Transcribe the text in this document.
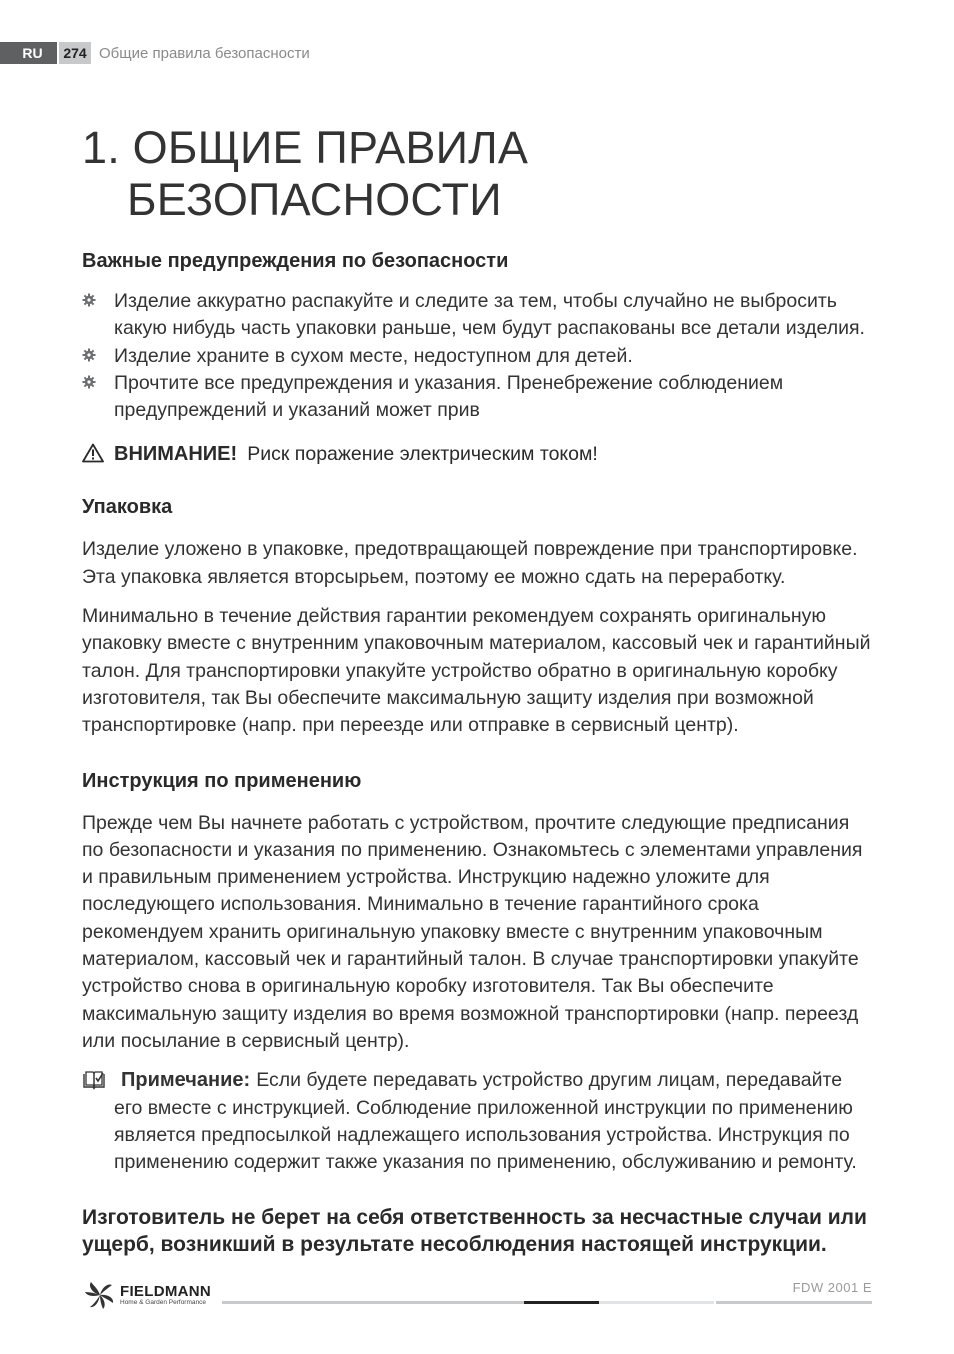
RU	274 Общие правила безопасности
1. ОБЩИЕ ПРАВИЛА
БЕЗОПАСНОСТИ
Важные предупреждения по безопасности
Изделие аккуратно распакуйте и следите за тем, чтобы случайно не выбросить какую нибудь часть упаковки раньше, чем будут распакованы все детали изделия.
Изделие храните в сухом месте, недоступном для детей.
Прочтите все предупреждения и указания. Пренебрежение соблюдением предупреждений и указаний может прив
ВНИМАНИЕ! Риск поражение электрическим током!
Упаковка

Изделие уложено в упаковке, предотвращающей повреждение при транспортировке. Эта упаковка является вторсырьем, поэтому ее можно сдать на переработку.

Минимально в течение действия гарантии рекомендуем сохранять оригинальную упаковку вместе с внутренним упаковочным материалом, кассовый чек и гарантийный талон. Для транспортировки упакуйте устройство обратно в оригинальную коробку изготовителя, так Вы обеспечите максимальную защиту изделия при возможной транспортировке (напр. при переезде или отправке в сервисный центр).

Инструкция по применению

Прежде чем Вы начнете работать с устройством, прочтите следующие предписания по безопасности и указания по применению. Ознакомьтесь с элементами управления и правильным применением устройства. Инструкцию надежно уложите для последующего использования. Минимально в течение гарантийного срока рекомендуем хранить оригинальную упаковку вместе с внутренним упаковочным материалом, кассовый чек и гарантийный талон. В случае транспортировки упакуйте устройство снова в оригинальную коробку изготовителя. Так Вы обеспечите максимальную защиту изделия во время возможной транспортировки (напр. переезд или посылание в сервисный центр).

Примечание: Если будете передавать устройство другим лицам, передавайте его вместе с инструкцией. Соблюдение приложенной инструкции по применению является предпосылкой надлежащего использования устройства. Инструкция по применению содержит также указания по применению, обслуживанию и ремонту.

Изготовитель не берет на себя ответственность за несчастные случаи или ущерб, возникший в результате несоблюдения настоящей инструкции.

FIELDMANN
Home & Garden Performance
FDW 2001 E
